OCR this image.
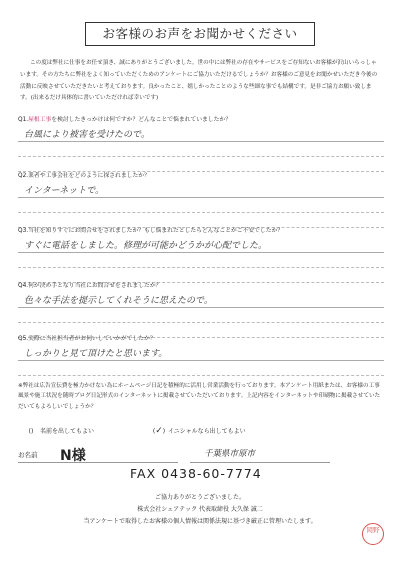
お客様のお声をお聞かせください

この度は弊社に仕事をお任せ頂き、誠にありがとうございました。世の中には弊社の存在やサービスをご存知ないお客様が沢山いらっしゃいます。その方たちに弊社をよく知っていただくためのアンケートにご協力いただけるでしょうか？お客様のご意見をお聞かせいただき今後の活動に反映させていただきたいと考えております。良かったこと、嬉しかったことのような些細な事でも結構です。是非ご協力お願い致します。(出来るだけ具体的に書いていただければ幸いです)

Q1.屋根工事を検討したきっかけは何ですか？どんなことで悩まれていましたか？

台風により被害を受けたので。

Q2.業者や工事会社をどのように探されましたか？

インターネットで。

Q3.当社を知りすぐにお問合せをされましたか？もし悩まれたとしたらどんなことがご不安でしたか？

すぐに電話をしました。修理が可能かどうかが心配でした。

Q4.何が決め手となり当社にお問合せをされましたか？

色々な手法を提示してくれそうに思えたので。

Q5.実際に当社担当者がお伺いしていかがでしたか？

しっかりと見て頂けたと思います。

※弊社は広告宣伝費を極力かけない為にホームページ日記を積極的に活用し営業活動を行っております。本アンケート用紙または、お客様の工事風景や施工状況を随時ブログ日記形式のインターネットに掲載させていただいております。上記内容をインターネットや印刷物に掲載させていただいてもよろしいでしょうか？

() 名前を出してもよい	(✓) イニシャルなら出してもよい
お名前 N様	千葉県市原市
FAX 0438-60-7774

ご協力ありがとうございました。

株式会社シェアテック 代表取締役 大久保 誠二

当アンケートで取得したお客様の個人情報は関係法規に基づき厳正に管理いたします。

岡野
